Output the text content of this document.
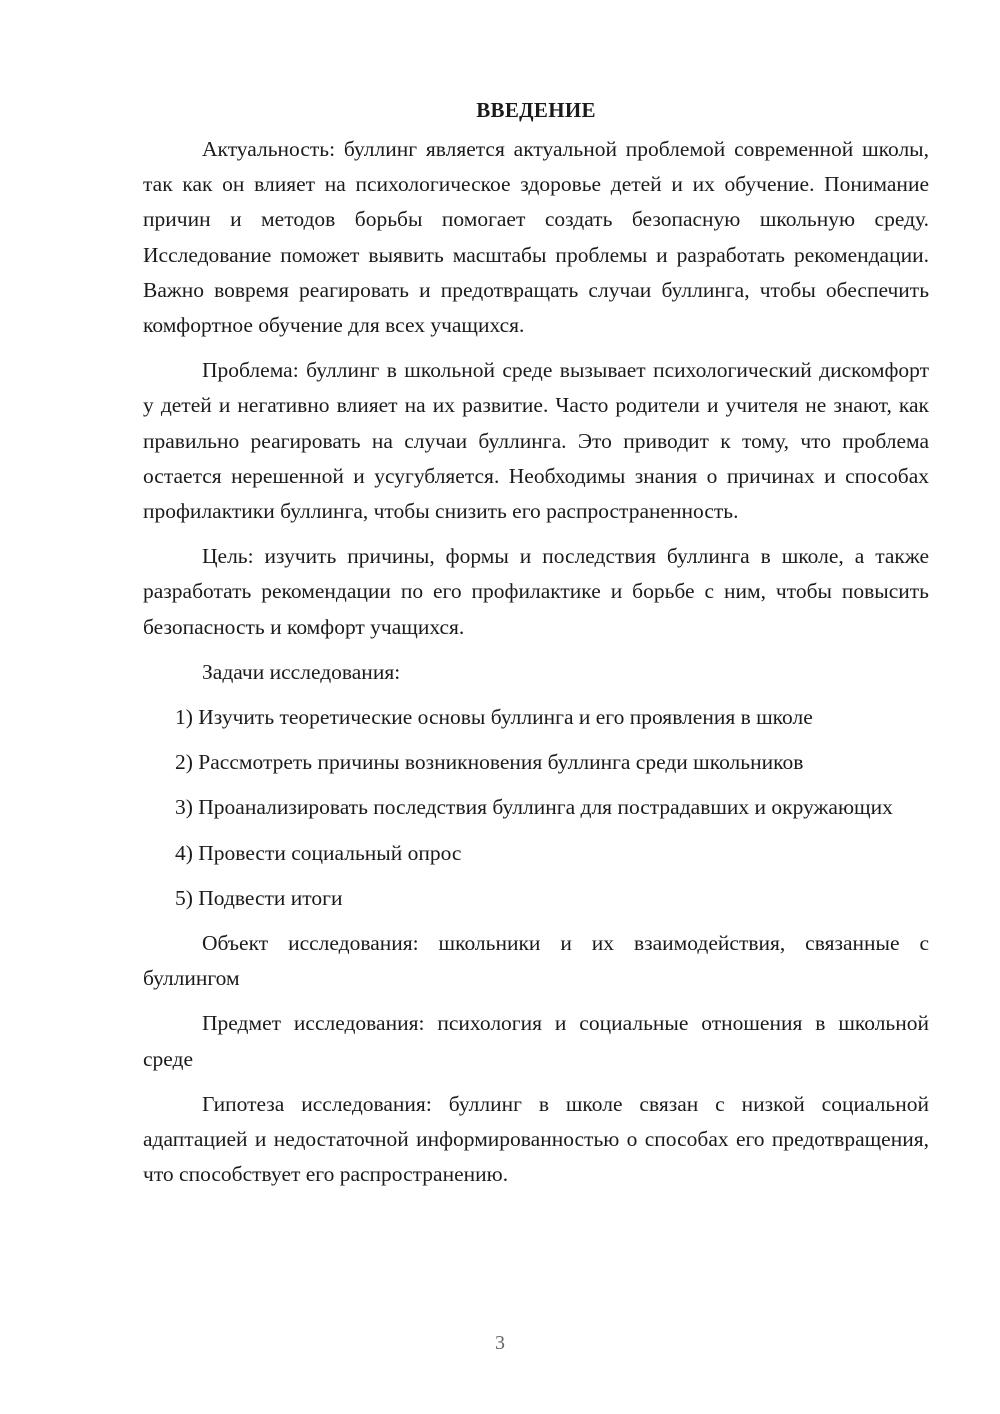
ВВЕДЕНИЕ

Актуальность: буллинг является актуальной проблемой современной школы, так как он влияет на психологическое здоровье детей и их обучение. Понимание причин и методов борьбы помогает создать безопасную школьную среду. Исследование поможет выявить масштабы проблемы и разработать рекомендации. Важно вовремя реагировать и предотвращать случаи буллинга, чтобы обеспечить комфортное обучение для всех учащихся.

Проблема: буллинг в школьной среде вызывает психологический дискомфорт у детей и негативно влияет на их развитие. Часто родители и учителя не знают, как правильно реагировать на случаи буллинга. Это приводит к тому, что проблема остается нерешенной и усугубляется. Необходимы знания о причинах и способах профилактики буллинга, чтобы снизить его распространенность.

Цель: изучить причины, формы и последствия буллинга в школе, а также разработать рекомендации по его профилактике и борьбе с ним, чтобы повысить безопасность и комфорт учащихся.

Задачи исследования:

1) Изучить теоретические основы буллинга и его проявления в школе

2) Рассмотреть причины возникновения буллинга среди школьников

3) Проанализировать последствия буллинга для пострадавших и окружающих

4) Провести социальный опрос

5) Подвести итоги

Объект исследования: школьники и их взаимодействия, связанные с буллингом

Предмет исследования: психология и социальные отношения в школьной среде

Гипотеза исследования: буллинг в школе связан с низкой социальной адаптацией и недостаточной информированностью о способах его предотвращения, что способствует его распространению.

3
